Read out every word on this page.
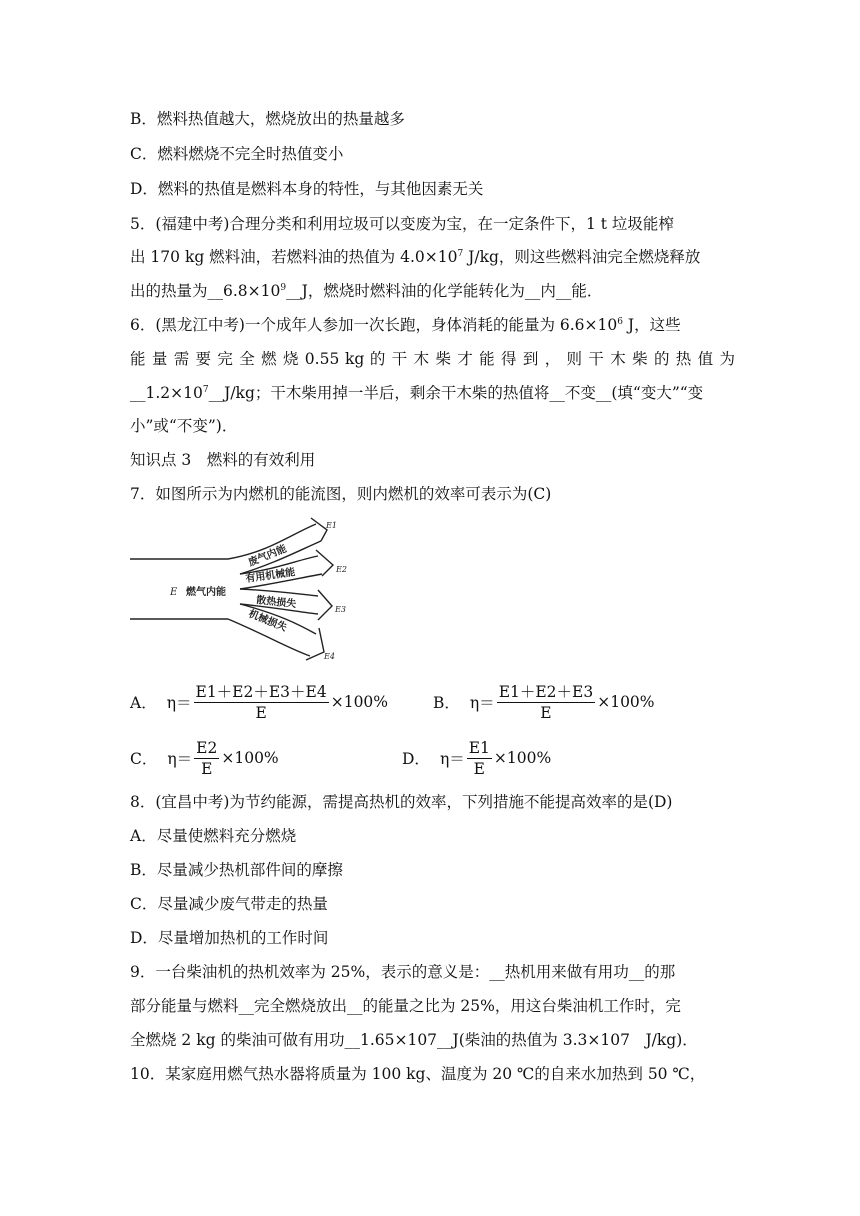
B．燃料热值越大，燃烧放出的热量越多
C．燃料燃烧不完全时热值变小
D．燃料的热值是燃料本身的特性，与其他因素无关
5．(福建中考)合理分类和利用垃圾可以变废为宝，在一定条件下，1 t 垃圾能榨
出 170 kg 燃料油，若燃料油的热值为 $4.0\times 10^7$ J/kg，则这些燃料油完全燃烧释放
出的热量为$\_\_6.8\times 10^9\_\_J$，燃烧时燃料油的化学能转化为__内__能．
6．(黑龙江中考)一个成年人参加一次长跑，身体消耗的能量为 $6.6\times 10^6$ J，这些
能 量 需 要 完 全 燃 烧 0.55 kg 的 干 木 柴 才 能 得 到 ， 则 干 木 柴 的 热 值 为
$\_\_1.2\times 10^7\_\_J/kg$；干木柴用掉一半后，剩余干木柴的热值将__不变__(填“变大”“变
小”或“不变”)．
知识点 3　燃料的有效利用
7．如图所示为内燃机的能流图，则内燃机的效率可表示为(C)
E 燃气内能
废气内能
有用机械能
散热损失
机械损失
E1
E2
E3
E4
A． $\eta= \frac{E1+E2+E3+E4}{E} \times 100\%$	B． $\eta= \frac{E1+E2+E3}{E} \times 100\%$
C． $\eta= \frac{E2}{E} \times 100\%$	D． $\eta= \frac{E1}{E} \times 100\%$
8．(宜昌中考)为节约能源，需提高热机的效率，下列措施不能提高效率的是(D)
A．尽量使燃料充分燃烧
B．尽量减少热机部件间的摩擦
C．尽量减少废气带走的热量
D．尽量增加热机的工作时间
9．一台柴油机的热机效率为 25%，表示的意义是：__热机用来做有用功__的那
部分能量与燃料__完全燃烧放出__的能量之比为 25%，用这台柴油机工作时，完
全燃烧 2 kg 的柴油可做有用功__1.65×107__J(柴油的热值为 3.3×107　J/kg)．
10．某家庭用燃气热水器将质量为 100 kg、温度为 20 ℃的自来水加热到 50 ℃，
